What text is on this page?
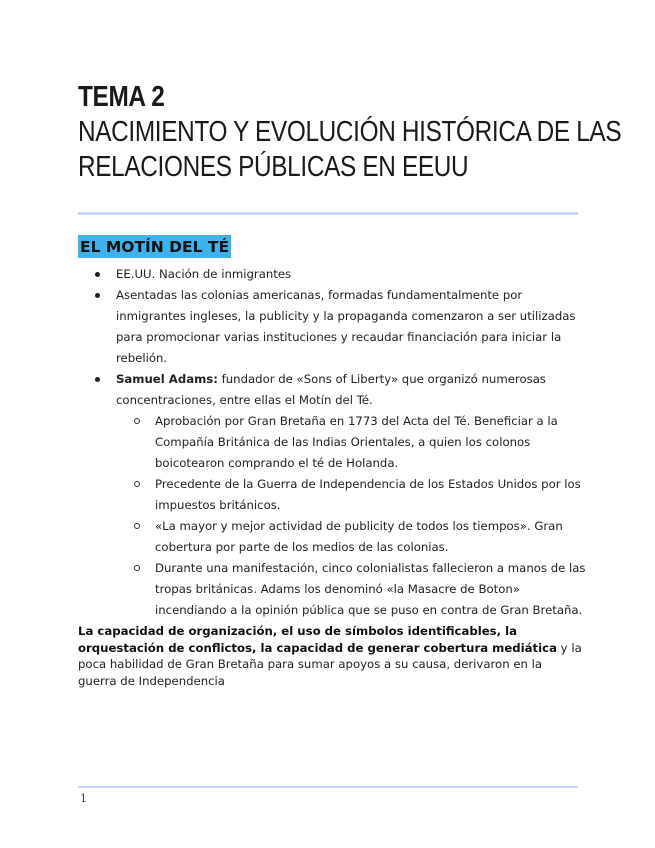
TEMA 2
NACIMIENTO Y EVOLUCIÓN HISTÓRICA DE LAS
RELACIONES PÚBLICAS EN EEUU
EL MOTÍN DEL TÉ

EE.UU. Nación de inmigrantes

Asentadas las colonias americanas, formadas fundamentalmente por inmigrantes ingleses, la publicity y la propaganda comenzaron a ser utilizadas para promocionar varias instituciones y recaudar financiación para iniciar la rebelión.

Samuel Adams: fundador de «Sons of Liberty» que organizó numerosas concentraciones, entre ellas el Motín del Té.

Aprobación por Gran Bretaña en 1773 del Acta del Té. Beneficiar a la Compañía Británica de las Indias Orientales, a quien los colonos boicotearon comprando el té de Holanda.

Precedente de la Guerra de Independencia de los Estados Unidos por los impuestos británicos.

«La mayor y mejor actividad de publicity de todos los tiempos». Gran cobertura por parte de los medios de las colonias.

Durante una manifestación, cinco colonialistas fallecieron a manos de las tropas británicas. Adams los denominó «la Masacre de Boton» incendiando a la opinión pública que se puso en contra de Gran Bretaña.

La capacidad de organización, el uso de símbolos identificables, la orquestación de conflictos, la capacidad de generar cobertura mediática y la poca habilidad de Gran Bretaña para sumar apoyos a su causa, derivaron en la guerra de Independencia
1
